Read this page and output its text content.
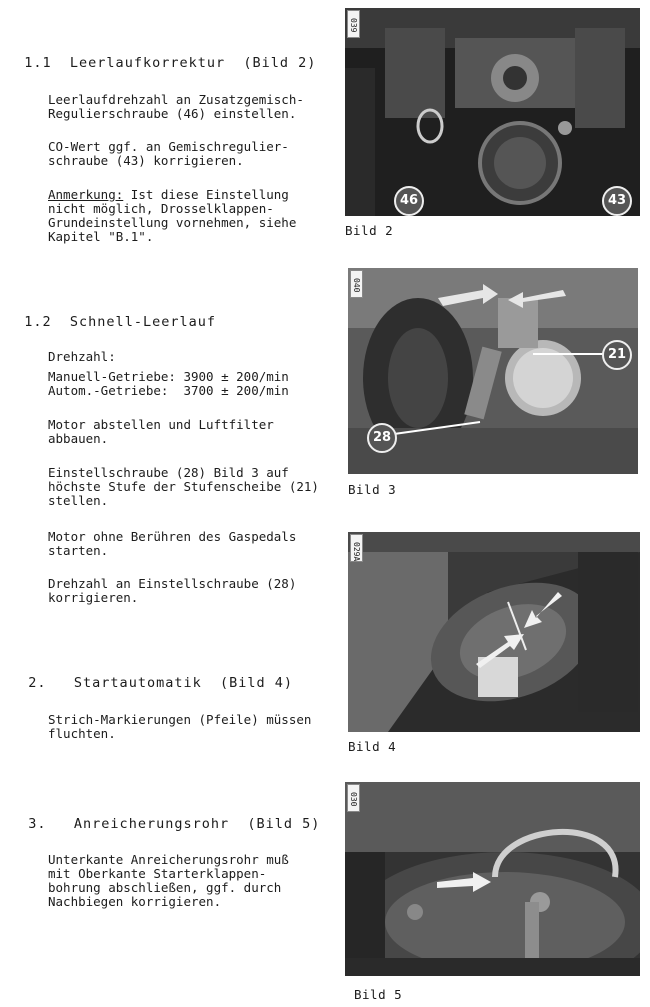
1.1 Leerlaufkorrektur  (Bild 2)

Leerlaufdrehzahl an Zusatzgemisch-
Regulierschraube (46) einstellen.
CO-Wert ggf. an Gemischregulier-
schraube (43) korrigieren.
Anmerkung: Ist diese Einstellung
nicht möglich, Drosselklappen-
Grundeinstellung vornehmen, siehe
Kapitel "B.1".

1.2 Schnell-Leerlauf

Drehzahl:
Manuell-Getriebe: 3900 ± 200/min
Autom.-Getriebe:  3700 ± 200/min
Motor abstellen und Luftfilter
abbauen.
Einstellschraube (28) Bild 3 auf
höchste Stufe der Stufenscheibe (21)
stellen.
Motor ohne Berühren des Gaspedals
starten.
Drehzahl an Einstellschraube (28)
korrigieren.

2. Startautomatik  (Bild 4)

Strich-Markierungen (Pfeile) müssen
fluchten.

3. Anreicherungsrohr  (Bild 5)

Unterkante Anreicherungsrohr muß
mit Oberkante Starterklappen-
bohrung abschließen, ggf. durch
Nachbiegen korrigieren.
039
46	43
Bild 2
040
21
28
Bild 3
029A
Bild 4
030
Bild 5
